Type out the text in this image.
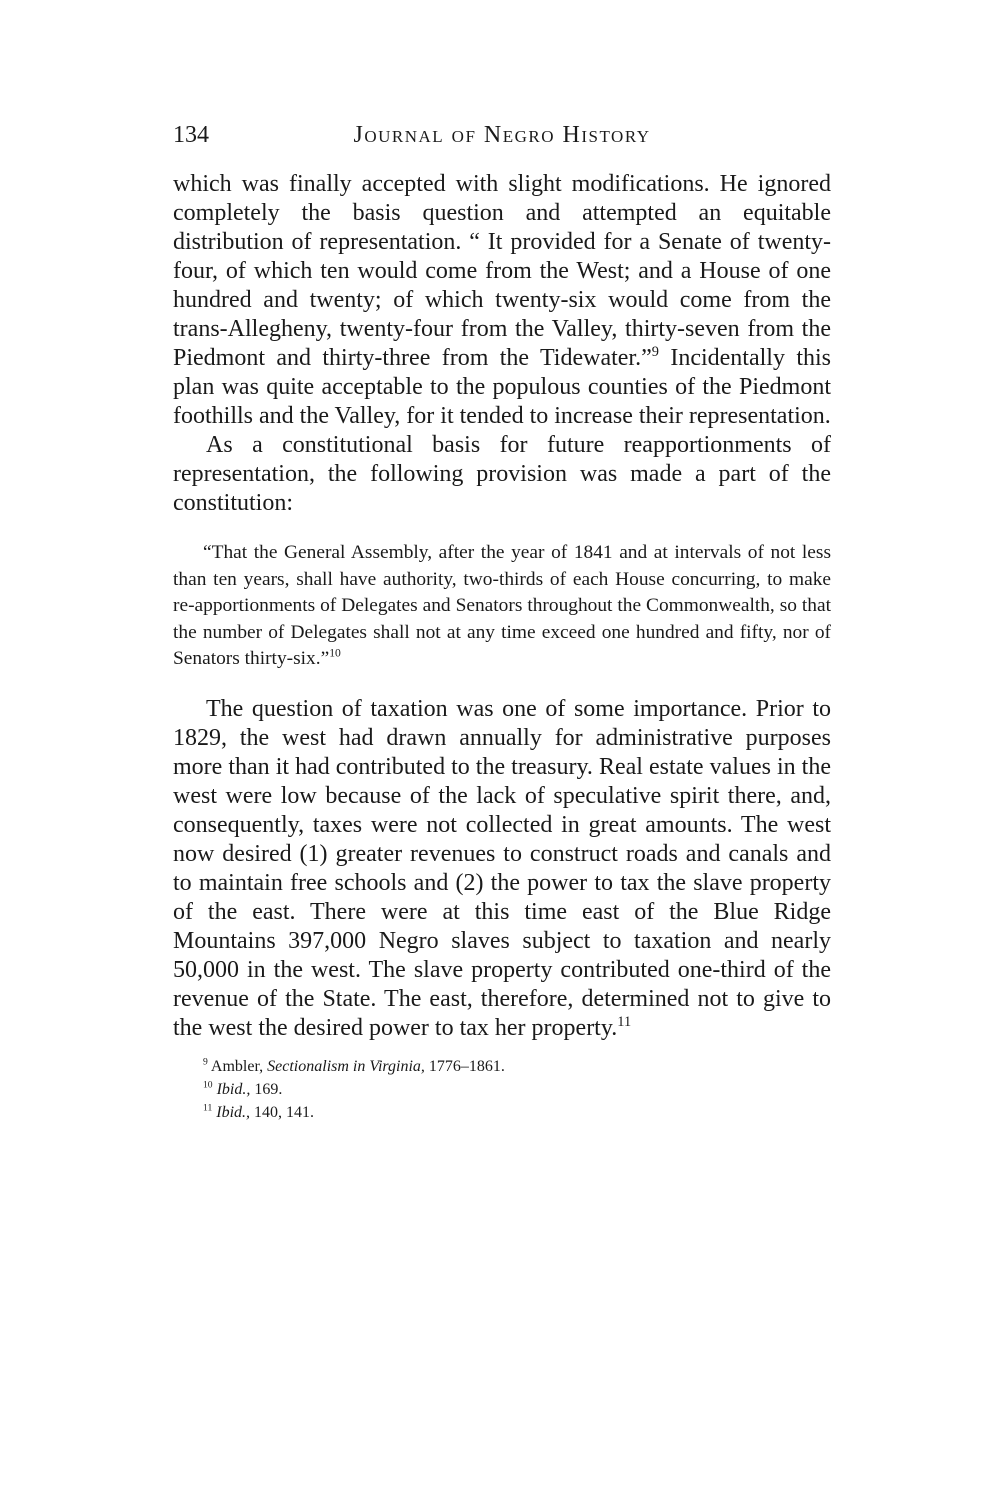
134	Journal of Negro History

which was finally accepted with slight modifications. He ignored completely the basis question and attempted an equitable distribution of representation. “ It provided for a Senate of twenty-four, of which ten would come from the West; and a House of one hundred and twenty; of which twenty-six would come from the trans-Allegheny, twenty-four from the Valley, thirty-seven from the Piedmont and thirty-three from the Tidewater.”$^9$ Incidentally this plan was quite acceptable to the populous counties of the Piedmont foothills and the Valley, for it tended to increase their representation.

As a constitutional basis for future reapportionments of representation, the following provision was made a part of the constitution:

“That the General Assembly, after the year of 1841 and at intervals of not less than ten years, shall have authority, two-thirds of each House concurring, to make re-apportionments of Delegates and Senators throughout the Commonwealth, so that the number of Delegates shall not at any time exceed one hundred and fifty, nor of Senators thirty-six.”$^{10}$

The question of taxation was one of some importance. Prior to 1829, the west had drawn annually for administrative purposes more than it had contributed to the treasury. Real estate values in the west were low because of the lack of speculative spirit there, and, consequently, taxes were not collected in great amounts. The west now desired (1) greater revenues to construct roads and canals and to maintain free schools and (2) the power to tax the slave property of the east. There were at this time east of the Blue Ridge Mountains 397,000 Negro slaves subject to taxation and nearly 50,000 in the west. The slave property contributed one-third of the revenue of the State. The east, therefore, determined not to give to the west the desired power to tax her property.$^{11}$

$^9$ Ambler, Sectionalism in Virginia, 1776–1861.
$^{10}$ Ibid., 169.
$^{11}$ Ibid., 140, 141.
